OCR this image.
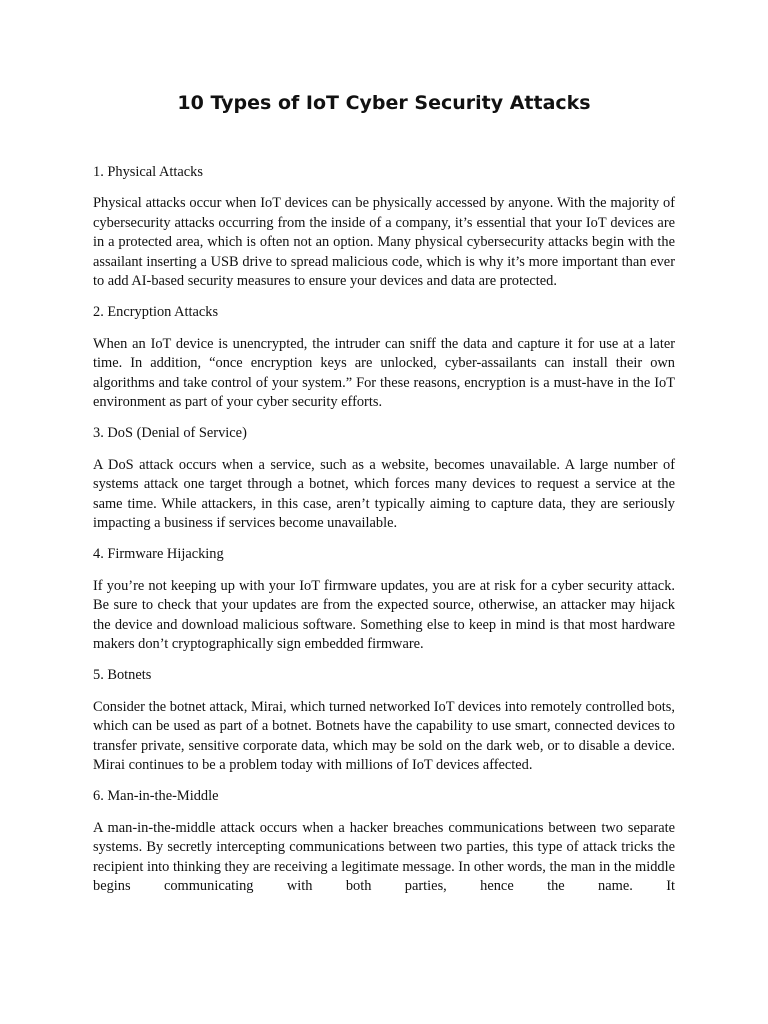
10 Types of IoT Cyber Security Attacks
1. Physical Attacks
Physical attacks occur when IoT devices can be physically accessed by anyone. With the majority of cybersecurity attacks occurring from the inside of a company, it’s essential that your IoT devices are in a protected area, which is often not an option. Many physical cybersecurity attacks begin with the assailant inserting a USB drive to spread malicious code, which is why it’s more important than ever to add AI-based security measures to ensure your devices and data are protected.
2. Encryption Attacks
When an IoT device is unencrypted, the intruder can sniff the data and capture it for use at a later time. In addition, “once encryption keys are unlocked, cyber-assailants can install their own algorithms and take control of your system.” For these reasons, encryption is a must-have in the IoT environment as part of your cyber security efforts.
3. DoS (Denial of Service)
A DoS attack occurs when a service, such as a website, becomes unavailable. A large number of systems attack one target through a botnet, which forces many devices to request a service at the same time. While attackers, in this case, aren’t typically aiming to capture data, they are seriously impacting a business if services become unavailable.
4. Firmware Hijacking
If you’re not keeping up with your IoT firmware updates, you are at risk for a cyber security attack. Be sure to check that your updates are from the expected source, otherwise, an attacker may hijack the device and download malicious software. Something else to keep in mind is that most hardware makers don’t cryptographically sign embedded firmware.
5. Botnets
Consider the botnet attack, Mirai, which turned networked IoT devices into remotely controlled bots, which can be used as part of a botnet. Botnets have the capability to use smart, connected devices to transfer private, sensitive corporate data, which may be sold on the dark web, or to disable a device. Mirai continues to be a problem today with millions of IoT devices affected.
6. Man-in-the-Middle
A man-in-the-middle attack occurs when a hacker breaches communications between two separate systems. By secretly intercepting communications between two parties, this type of attack tricks the recipient into thinking they are receiving a legitimate message. In other words, the man in the middle begins communicating with both parties, hence the name. It
